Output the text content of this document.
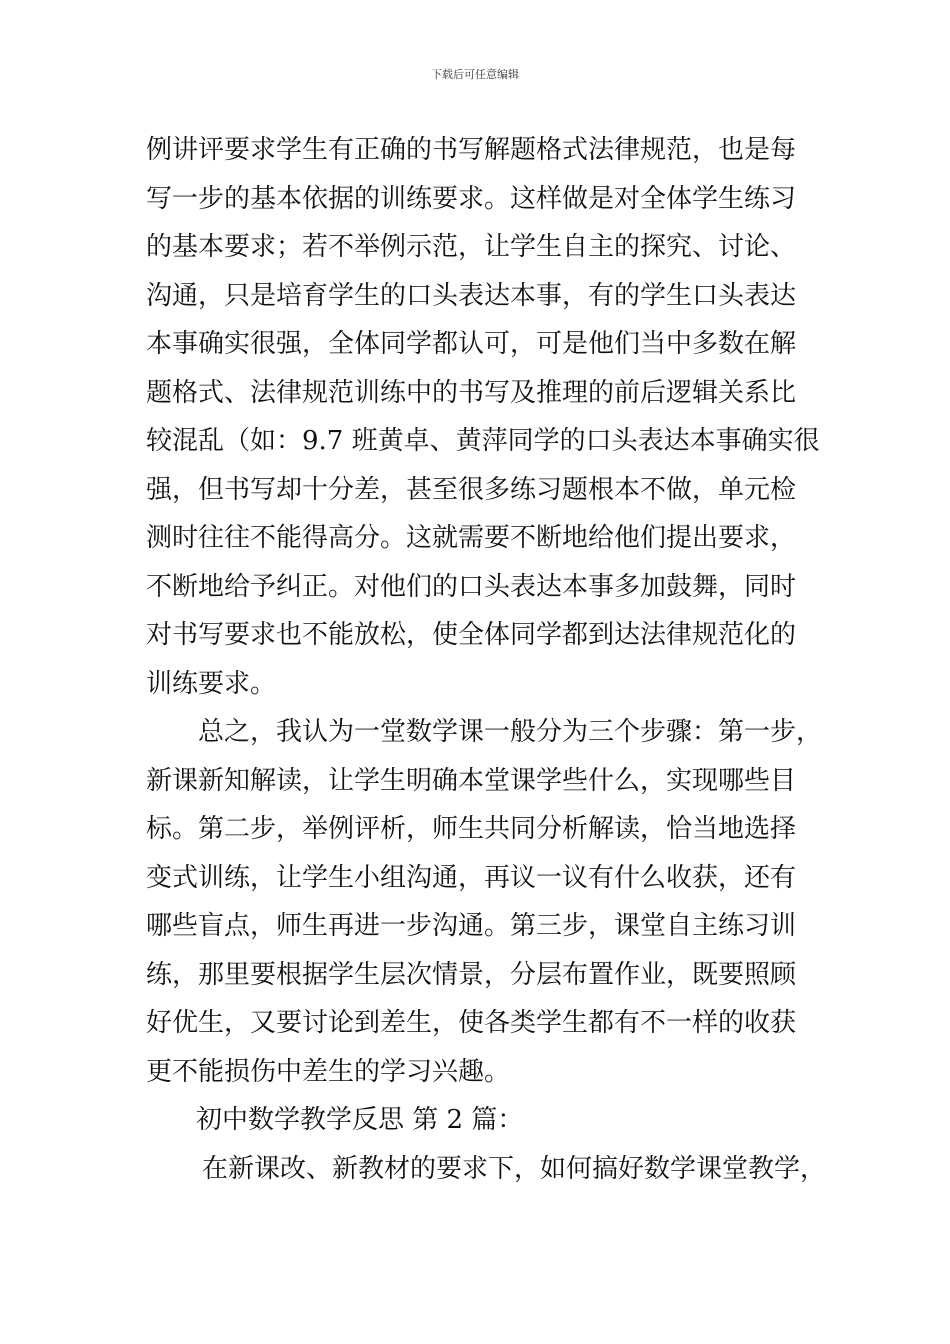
下载后可任意编辑
例讲评要求学生有正确的书写解题格式法律规范，也是每
写一步的基本依据的训练要求。这样做是对全体学生练习
的基本要求；若不举例示范，让学生自主的探究、讨论、
沟通，只是培育学生的口头表达本事，有的学生口头表达
本事确实很强，全体同学都认可，可是他们当中多数在解
题格式、法律规范训练中的书写及推理的前后逻辑关系比
较混乱（如：9.7 班黄卓、黄萍同学的口头表达本事确实很
强，但书写却十分差，甚至很多练习题根本不做，单元检
测时往往不能得高分。这就需要不断地给他们提出要求，
不断地给予纠正。对他们的口头表达本事多加鼓舞，同时
对书写要求也不能放松，使全体同学都到达法律规范化的
训练要求。
总之，我认为一堂数学课一般分为三个步骤：第一步，
新课新知解读，让学生明确本堂课学些什么，实现哪些目
标。第二步，举例评析，师生共同分析解读，恰当地选择
变式训练，让学生小组沟通，再议一议有什么收获，还有
哪些盲点，师生再进一步沟通。第三步，课堂自主练习训
练，那里要根据学生层次情景，分层布置作业，既要照顾
好优生，又要讨论到差生，使各类学生都有不一样的收获
更不能损伤中差生的学习兴趣。
初中数学教学反思 第 2 篇：
在新课改、新教材的要求下，如何搞好数学课堂教学，
